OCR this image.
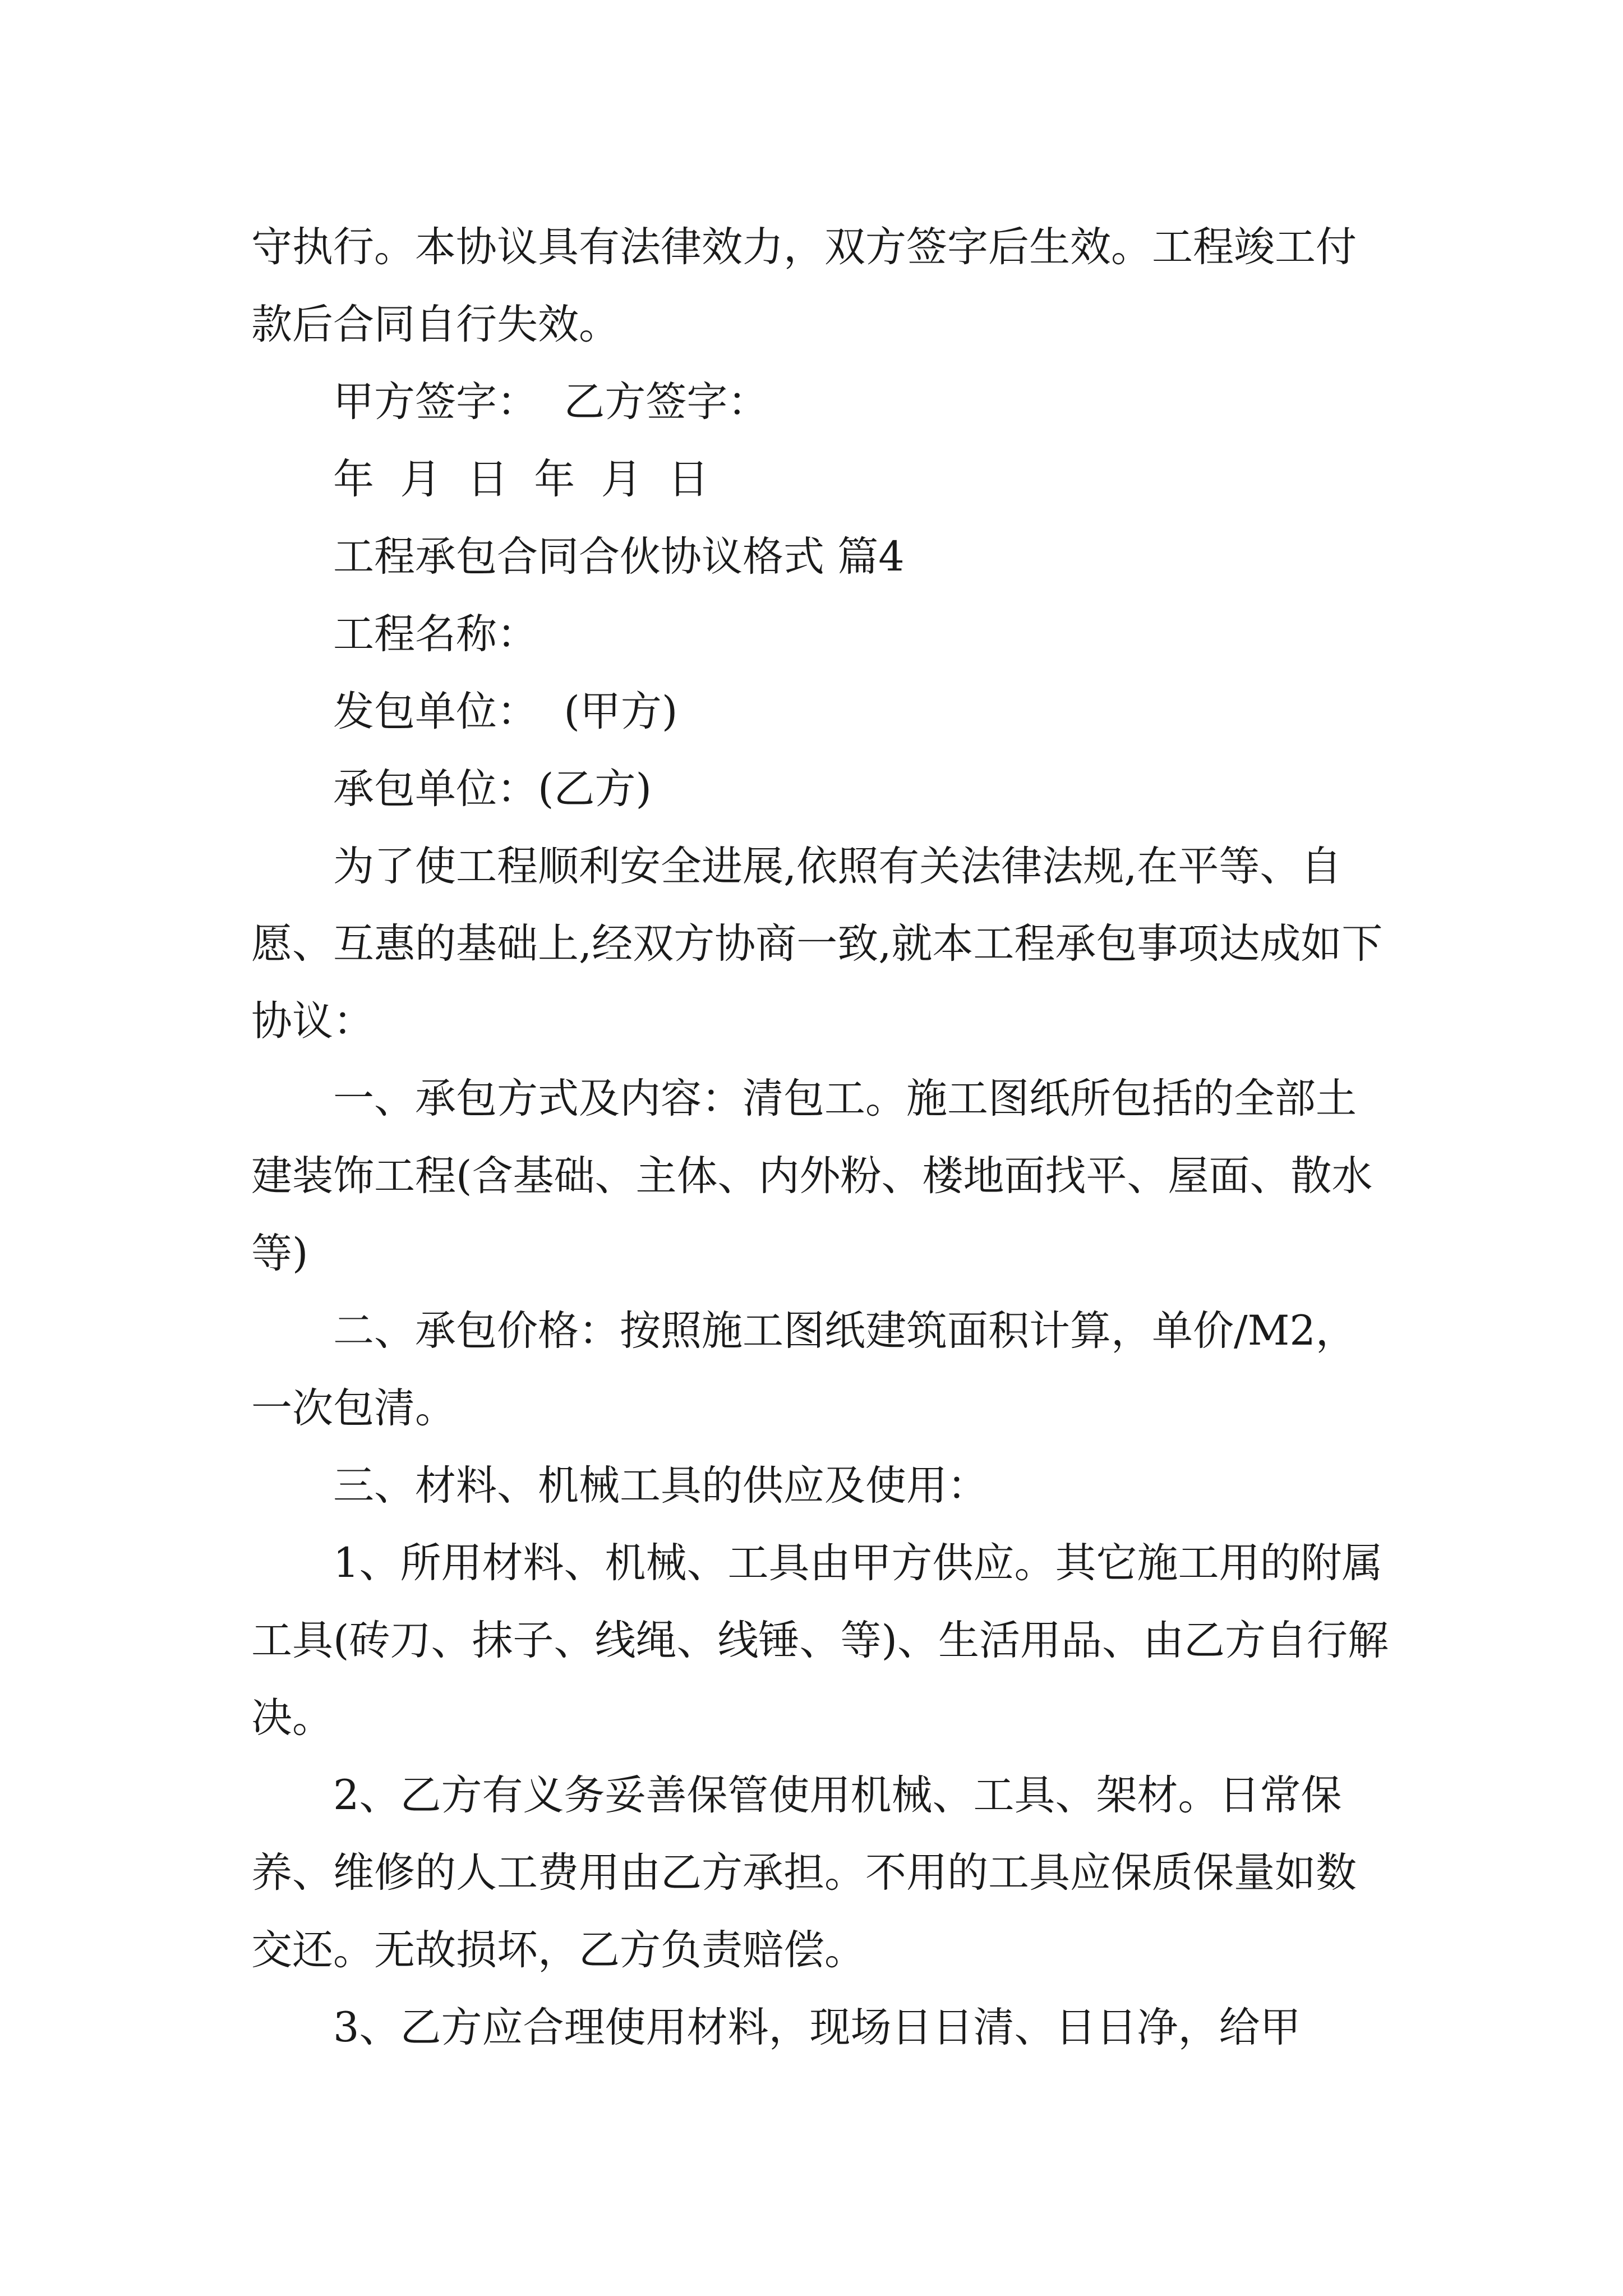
守执行。本协议具有法律效力，双方签字后生效。工程竣工付款后合同自行失效。

甲方签字：  乙方签字：

年  月  日  年  月  日

工程承包合同合伙协议格式 篇4

工程名称：

发包单位：  (甲方)

承包单位：(乙方)

为了使工程顺利安全进展,依照有关法律法规,在平等、自愿、互惠的基础上,经双方协商一致,就本工程承包事项达成如下协议：

一、承包方式及内容：清包工。施工图纸所包括的全部土建装饰工程(含基础、主体、内外粉、楼地面找平、屋面、散水等)

二、承包价格：按照施工图纸建筑面积计算，单价/M2，一次包清。

三、材料、机械工具的供应及使用：

1、所用材料、机械、工具由甲方供应。其它施工用的附属工具(砖刀、抹子、线绳、线锤、等)、生活用品、由乙方自行解决。

2、乙方有义务妥善保管使用机械、工具、架材。日常保养、维修的人工费用由乙方承担。不用的工具应保质保量如数交还。无故损坏，乙方负责赔偿。

3、乙方应合理使用材料，现场日日清、日日净，给甲
